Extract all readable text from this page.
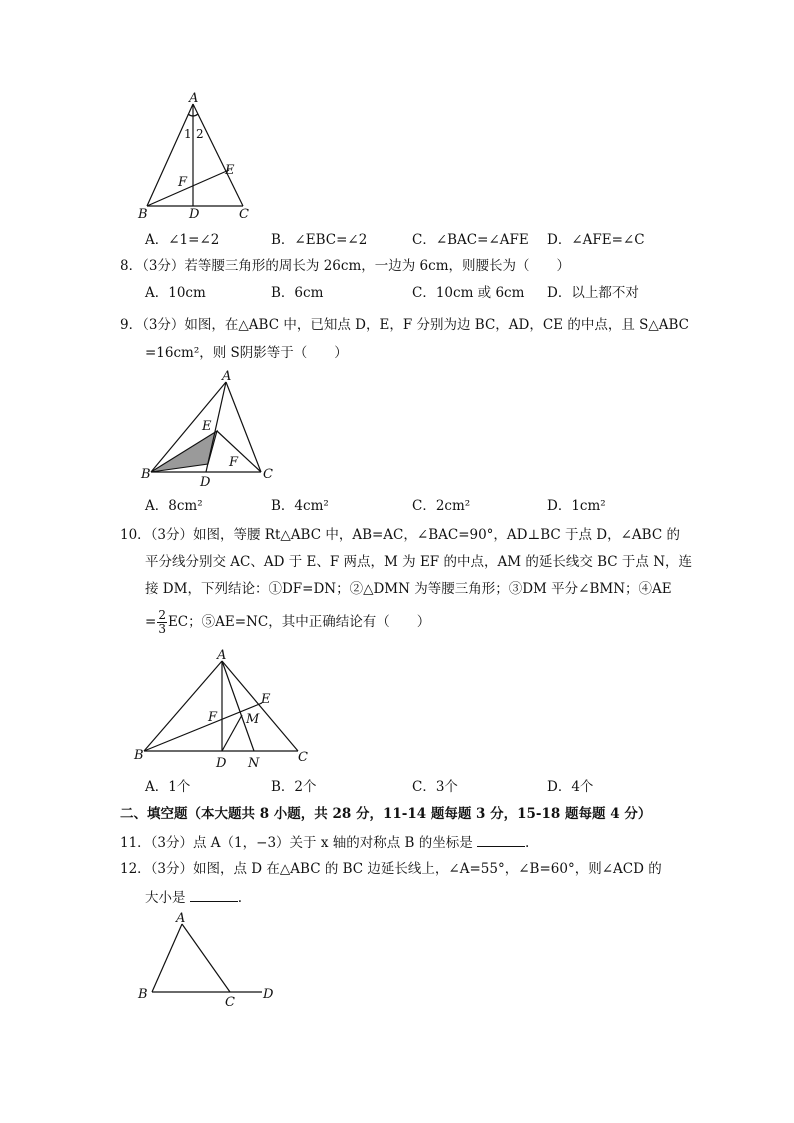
A
B	C
D
E
F
1 2
A．∠1=∠2	B．∠EBC=∠2	C．∠BAC=∠AFE D．∠AFE=∠C
8．（3分）若等腰三角形的周长为 26cm，一边为 6cm，则腰长为（　　）
A．10cm	B．6cm	C．10cm 或 6cm D．以上都不对
9．（3分）如图，在△ABC 中，已知点 D，E，F 分别为边 BC，AD，CE 的中点，且 S△ABC
=16cm²，则 S阴影等于（　　）
A
B	C
D
E
F
A．8cm²	B．4cm²	C．2cm²	D．1cm²
10．（3分）如图，等腰 Rt△ABC 中，AB=AC，∠BAC=90°，AD⊥BC 于点 D，∠ABC 的
平分线分别交 AC、AD 于 E、F 两点，M 为 EF 的中点，AM 的延长线交 BC 于点 N，连
接 DM，下列结论：①DF=DN；②△DMN 为等腰三角形；③DM 平分∠BMN；④AE
= $\frac{2}{3}$ EC；⑤AE=NC，其中正确结论有（　　）
A
B	C
D
E
F M
N
A．1个	B．2个	C．3个	D．4个
二、填空题（本大题共 8 小题，共 28 分，11-14 题每题 3 分，15-18 题每题 4 分）
11．（3分）点 A（1，−3）关于 x 轴的对称点 B 的坐标是	.
12．（3分）如图，点 D 在△ABC 的 BC 边延长线上，∠A=55°，∠B=60°，则∠ACD 的
大小是	.
A
B
C
D
